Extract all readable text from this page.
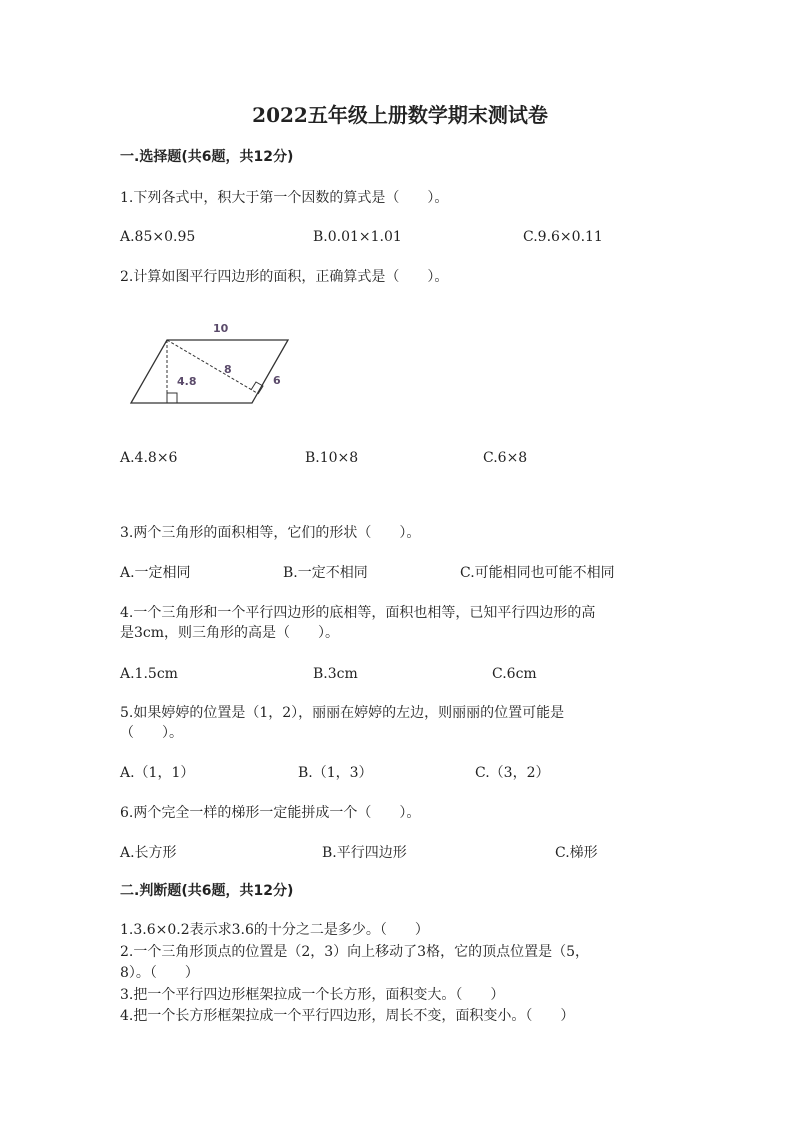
2022五年级上册数学期末测试卷
一.选择题(共6题，共12分)
1.下列各式中，积大于第一个因数的算式是（　　）。
A.85×0.95	B.0.01×1.01	C.9.6×0.11
2.计算如图平行四边形的面积，正确算式是（　　）。
10
8
4.8	6
A.4.8×6	B.10×8	C.6×8
3.两个三角形的面积相等，它们的形状（　　）。
A.一定相同	B.一定不相同	C.可能相同也可能不相同
4.一个三角形和一个平行四边形的底相等，面积也相等，已知平行四边形的高
是3cm，则三角形的高是（　　）。
A.1.5cm	B.3cm	C.6cm
5.如果婷婷的位置是（1，2），丽丽在婷婷的左边，则丽丽的位置可能是
（　　）。
A.（1，1）	B.（1，3）	C.（3，2）
6.两个完全一样的梯形一定能拼成一个（　　）。
A.长方形	B.平行四边形	C.梯形
二.判断题(共6题，共12分)
1.3.6×0.2表示求3.6的十分之二是多少。（　　）
2.一个三角形顶点的位置是（2，3）向上移动了3格，它的顶点位置是（5，
8）。（　　）
3.把一个平行四边形框架拉成一个长方形，面积变大。（　　）
4.把一个长方形框架拉成一个平行四边形，周长不变，面积变小。（　　）
